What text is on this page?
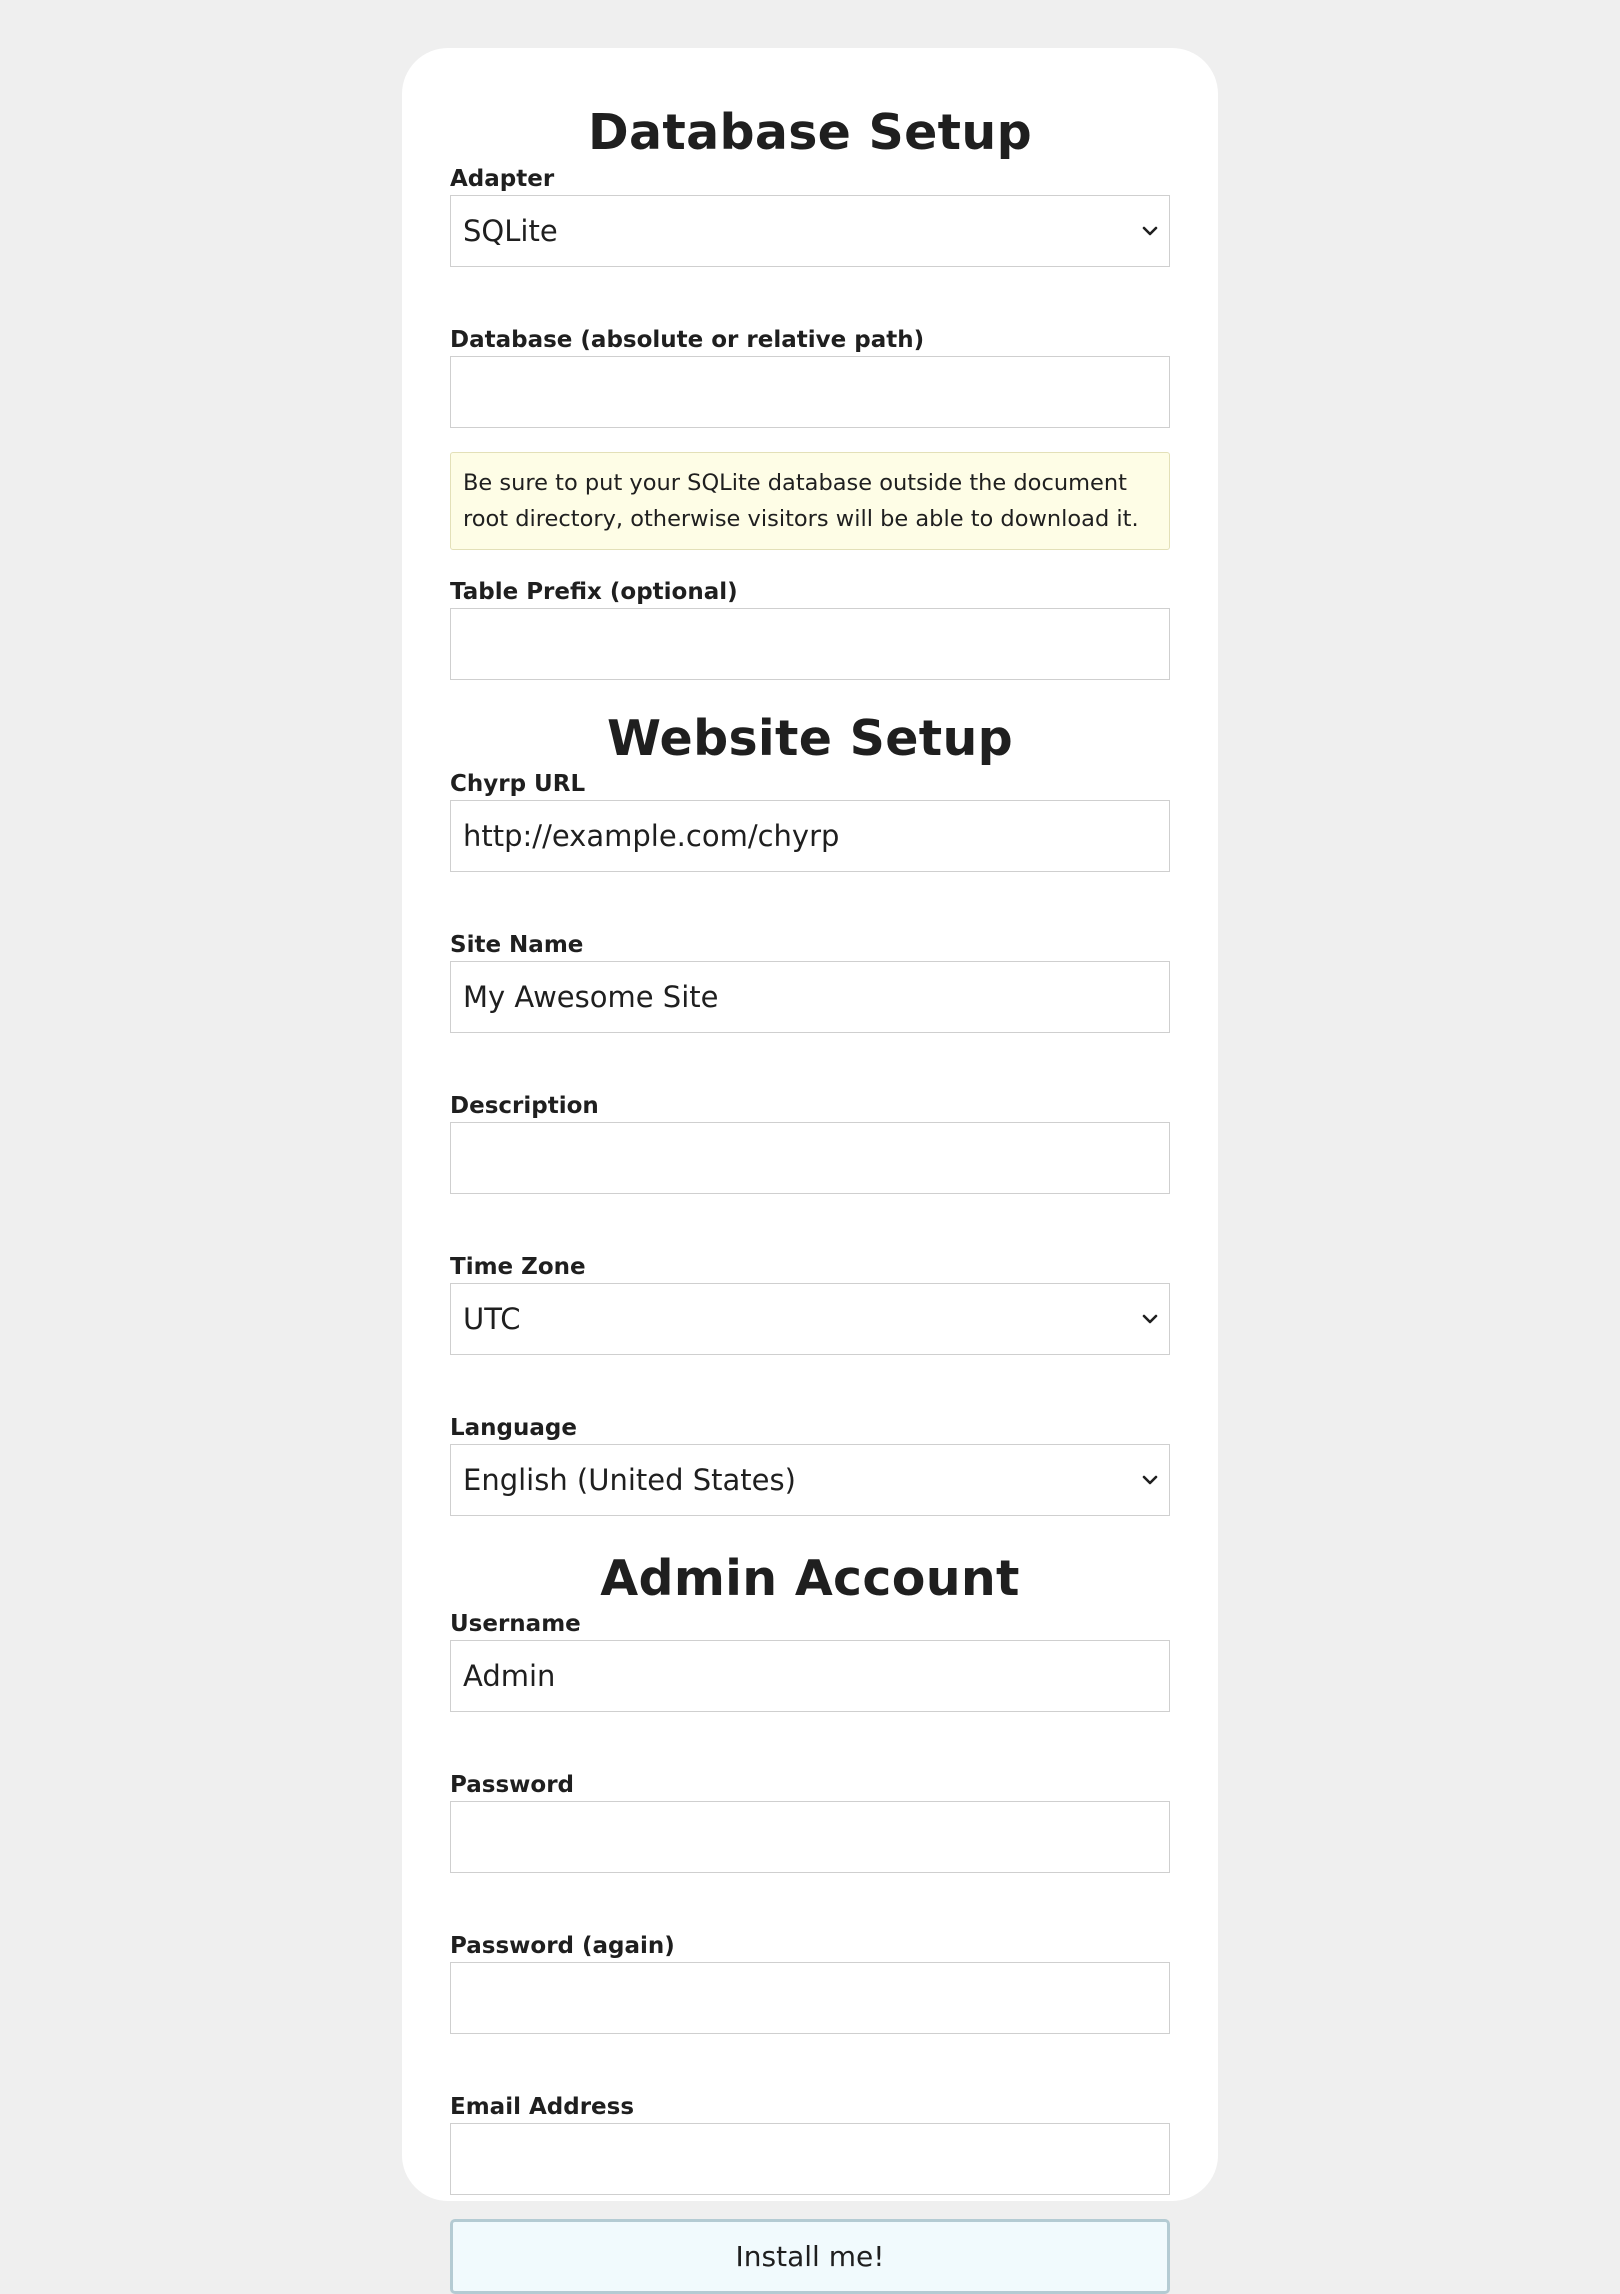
Database Setup
Adapter
SQLite
Database (absolute or relative path)
Be sure to put your SQLite database outside the document root directory, otherwise visitors will be able to download it.
Table Prefix (optional)
Website Setup
Chyrp URL
http://example.com/chyrp
Site Name
My Awesome Site
Description
Time Zone
UTC
Language
English (United States)
Admin Account
Username
Admin
Password
Password (again)
Email Address
Install me!
